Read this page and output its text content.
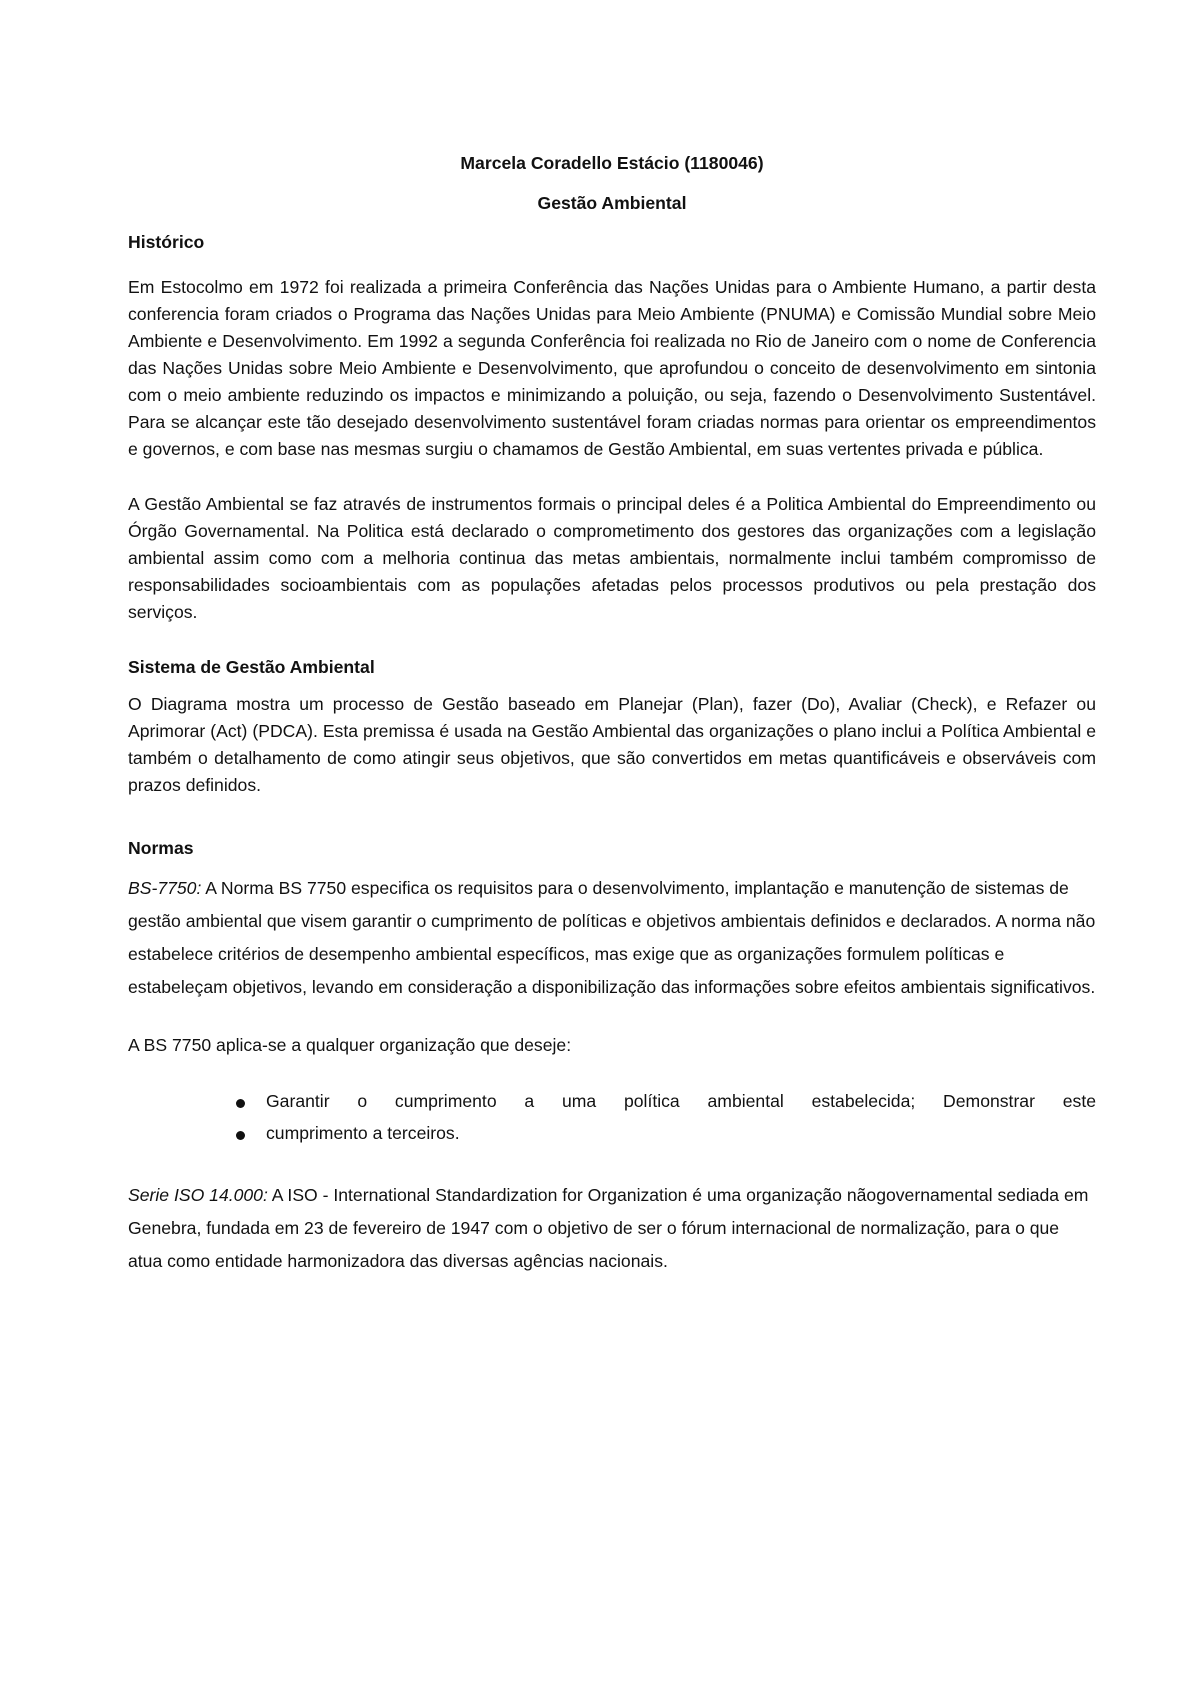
Marcela Coradello Estácio (1180046)

Gestão Ambiental

Histórico

Em Estocolmo em 1972 foi realizada a primeira Conferência das Nações Unidas para o Ambiente Humano, a partir desta conferencia foram criados o Programa das Nações Unidas para Meio Ambiente (PNUMA) e Comissão Mundial sobre Meio Ambiente e Desenvolvimento. Em 1992 a segunda Conferência foi realizada no Rio de Janeiro com o nome de Conferencia das Nações Unidas sobre Meio Ambiente e Desenvolvimento, que aprofundou o conceito de desenvolvimento em sintonia com o meio ambiente reduzindo os impactos e minimizando a poluição, ou seja, fazendo o Desenvolvimento Sustentável. Para se alcançar este tão desejado desenvolvimento sustentável foram criadas normas para orientar os empreendimentos e governos, e com base nas mesmas surgiu o chamamos de Gestão Ambiental, em suas vertentes privada e pública.

A Gestão Ambiental se faz através de instrumentos formais o principal deles é a Politica Ambiental do Empreendimento ou Órgão Governamental. Na Politica está declarado o comprometimento dos gestores das organizações com a legislação ambiental assim como com a melhoria continua das metas ambientais, normalmente inclui também compromisso de responsabilidades socioambientais com as populações afetadas pelos processos produtivos ou pela prestação dos serviços.

Sistema de Gestão Ambiental

O Diagrama mostra um processo de Gestão baseado em Planejar (Plan), fazer (Do), Avaliar (Check), e Refazer ou Aprimorar (Act) (PDCA). Esta premissa é usada na Gestão Ambiental das organizações o plano inclui a Política Ambiental e também o detalhamento de como atingir seus objetivos, que são convertidos em metas quantificáveis e observáveis com prazos definidos.

Normas

BS-7750: A Norma BS 7750 especifica os requisitos para o desenvolvimento, implantação e manutenção de sistemas de gestão ambiental que visem garantir o cumprimento de políticas e objetivos ambientais definidos e declarados. A norma não estabelece critérios de desempenho ambiental específicos, mas exige que as organizações formulem políticas e estabeleçam objetivos, levando em consideração a disponibilização das informações sobre efeitos ambientais significativos.

A BS 7750 aplica-se a qualquer organização que deseje:

Garantir o cumprimento a uma política ambiental estabelecida; Demonstrar este
cumprimento a terceiros.

Serie ISO 14.000: A ISO - International Standardization for Organization é uma organização nãogovernamental sediada em Genebra, fundada em 23 de fevereiro de 1947 com o objetivo de ser o fórum internacional de normalização, para o que atua como entidade harmonizadora das diversas agências nacionais.
